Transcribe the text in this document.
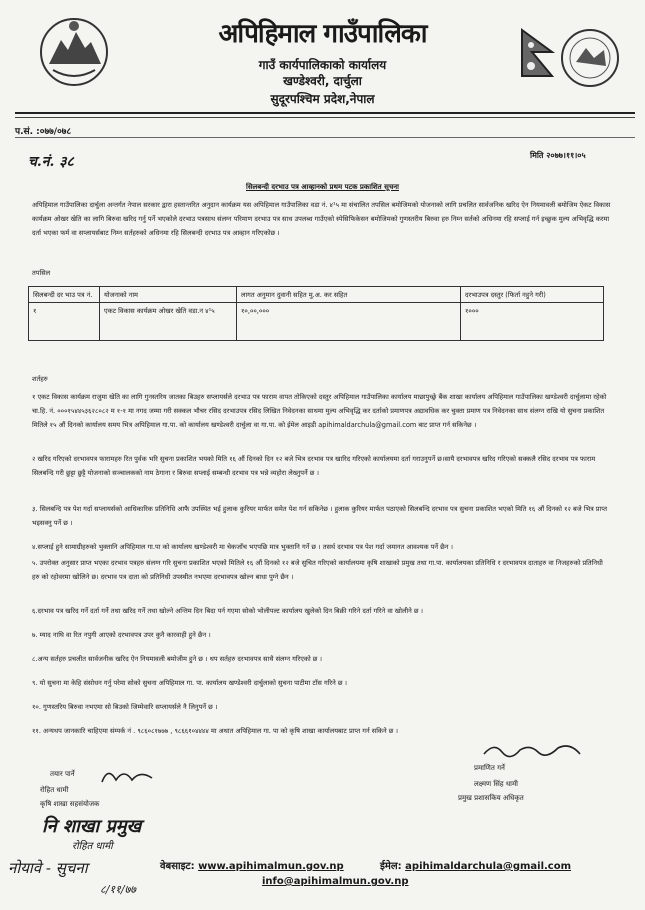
अपिहिमाल गाउँपालिका
गाउँ कार्यपालिकाको कार्यालय
खण्डेश्वरी, दार्चुला
सुदूरपश्चिम प्रदेश,नेपाल
प.सं. :०७७/०७८
च.नं. ३८	मिति २०७७।११।०५
सिलबन्दी दरभाउ पत्र आव्हानको प्रथम पटक प्रकाशित सूचना
अपिहिमाल गाउँपालिका दार्चुला अन्तर्गत नेपाल सरकार द्वारा हस्तान्तरित अनुदान कार्यक्रम यस अपिहिमाल गाउँपालिका वडा नं. ४¹५ मा संचालित तपसिल बमोजिमको योजनाको लागि प्रचलित सार्वजनिक खरिद ऐन नियमावली बमोजिम ऐकट विकास कार्यक्रम ओखर खेति का लागि बिरुवा खरिद गर्नु पर्ने भएकोले दरभाउ पत्रसाथ संलग्न परिमाण दरभाउ पत्र साथ उपलब्ध गाउँएको स्पेसिफिकेसन बमोजिमको गुणस्तरीय बिरुवा हरु निम्न सर्तको अधिनमा रहि सप्लाई गर्न इच्छुक मुल्य अभिवृद्धि करमा दर्ता भएका फर्म वा सप्लायर्सबाट निम्न सर्तहरुको अधिनमा रहि सिलबन्दी दरभाउ पत्र आव्हान गरिएकोछ ।
तपसिल
सिलबन्दी दर भाउ पत्र नं.	योजनाको नाम	लागत अनुमान दुवानी सहित मु.अ. कर सहित	दरभाउपत्र दस्तुर (फिर्ता नहुने गरी)
१	एकट विकास कार्यक्रम ओखर खेति वडा.न ४¹५	१०,००,०००	१०००
शर्तहरु
१ एकट विकास कार्यक्रम राजुमा खेति का लागि गुनस्तरिय जातका बिउहरु सप्लायर्सले दरभाउ पत्र फाराम वापत तोकिएको दस्तुर अपिहिमाल गाउँपालिका कार्यालय माछापुच्छ्रे बैंक शाखा कार्यालय अपिहिमाल गाउँपालिका खण्डेश्वरी दार्चुलामा रहेको चा.हि. नं. ०००१५४४५३६२८०८२ म १-१ मा नगद जम्मा गरी सक्कल भौचर रसिद दरभाउपत्र रसिद लिखित निवेदनका साथमा मुल्य अभिवृद्धि कर दर्ताको प्रमाणपत्र अद्यावधिक कर चुक्ता प्रमाण पत्र निवेदनका साथ संलग्न राखि यो सुचना प्रकाशित मितिले १५ औं दिनको कार्यालय समय भित्र अपिहिमाल गा.पा. को कार्यालय खण्डेश्वरी दार्चुला वा गा.पा. को ईमेल आइडी apihimaldarchula@gmail.com बाट प्राप्त गर्न सकिनेछ ।
२ खरिद गरिएको दरभावपत्र फारामहरु रित पुर्वक भरि सुचना प्रकाशित भयको मिति १६ औं दिनको दिन १२ बजे भित्र दरभाव पत्र खारिद गरिएको कार्यालयमा दर्ता गराउनुपर्ने छ।सायै दरभावपत्र खरिद गरिएको सक्कलै रसिद दरभाव पत्र फाराम सिलबन्दि गरी छुट्टा छुट्टै योजनाको सञ्चालकको नाम ठेगाना र बिरुवा सप्लाई सम्बन्धी दरभाव पत्र भन्ने व्यहोरा लेख्नुपर्ने छ ।
३. सिलबन्दि पत्र पेश गर्दा सप्लायर्सको आधिकारिक प्रतिनिधि आफै उपस्थित भई हुलाक कुरियर मार्फत समेत पेश गर्न सकिनेछ । हुलाक कुरियर मार्फत पठाएको सिलबन्दि दरभाव पत्र सुचना प्रकाशित भएको मिति १६ औं दिनको १२ बजे भित्र प्राप्त भइसक्नु पर्ने छ ।
४.सप्लाई हुने सामाग्रीहरुको भुक्तानि अपिहिमाल गा.पा को कार्यालय खण्डेश्वरी मा चेकजाँच भएपछि मात्र भुक्तानि गर्ने छ । तसर्थ दरभाव पत्र पेश गर्दा जमानत आवश्यक पर्ने छैन ।
५. उपरोक्त अनुसार प्राप्त भएका दरभाव पत्रहरु संलग्न गरि सुचना प्रकाशित भएको मितिले १६ औं दिनको १२ बजे सुचित गरिएको कार्यालयमा कृषि शाखाको प्रमुख तथा गा.पा. कार्यालयका प्रतिनिधि र दरभावपत्र दाताहरु वा निजहरुको प्रतिनिधी हरु को रहोवरमा खोलिने छ। दरभाव पत्र दाता को प्रतिनिधी उपस्थीत नभएमा दरभावपत्र खोल्न बाधा पुग्ने छैन ।
६.दरभाव पत्र खरिद गर्ने दर्ता गर्ने तथा खरिद गर्ने तथा खोल्ने अन्तिम दिन बिदा पर्न गएमा सोको भोलीपल्ट कार्यालय खुलेको दिन बिक्री गरिने दर्ता गरिने वा खोलीने छ ।
७. म्याद नाघि वा रित नपुगी आएको दरभावपत्र उपर कुनै कारवाही हुने छैन ।
८.अन्य सर्तहरु प्रचलीत सार्वजनीक खरिद ऐन नियमावली बमोजीम हुने छ । थप सर्तहरु दरभावपत्र साथै संलग्न गरिएको छ ।
९. यो सुचना मा केहि संसोधन गर्नु परेमा सोको सुचना अपिहिमाल गा. पा. कार्यालय खण्डेश्वरी दार्चुलाको सुचना पाटीमा टाँस गरिने छ ।
१०. गुणस्तरिय बिरुवा नभएमा सो बिउको जिम्मेवारि सप्लायर्सले नै लिनुपर्ने छ ।
११. अन्यथप जानकारि चाहिएमा संम्पर्क नं . ९८६०८१७७७ , ९८६६१०४४४४ मा अथात अपिहिमाल गा. पा को कृषि शाखा कार्यालयबाट प्राप्त गर्न सकिने छ ।
प्रमाणित गर्ने
लक्ष्मण सिंह धामी
प्रमुख प्रशासकिय अधिकृत
तयार पार्ने
रोहित धामी
कृषि शाखा सहसंयोजक
नि शाखा प्रमुख
रोहित धामी
नोयावे - सुचना
८/११/७७
वेबसाइट: www.apihimalmun.gov.np	ईमेल: apihimaldarchula@gmail.com
info@apihimalmun.gov.np
